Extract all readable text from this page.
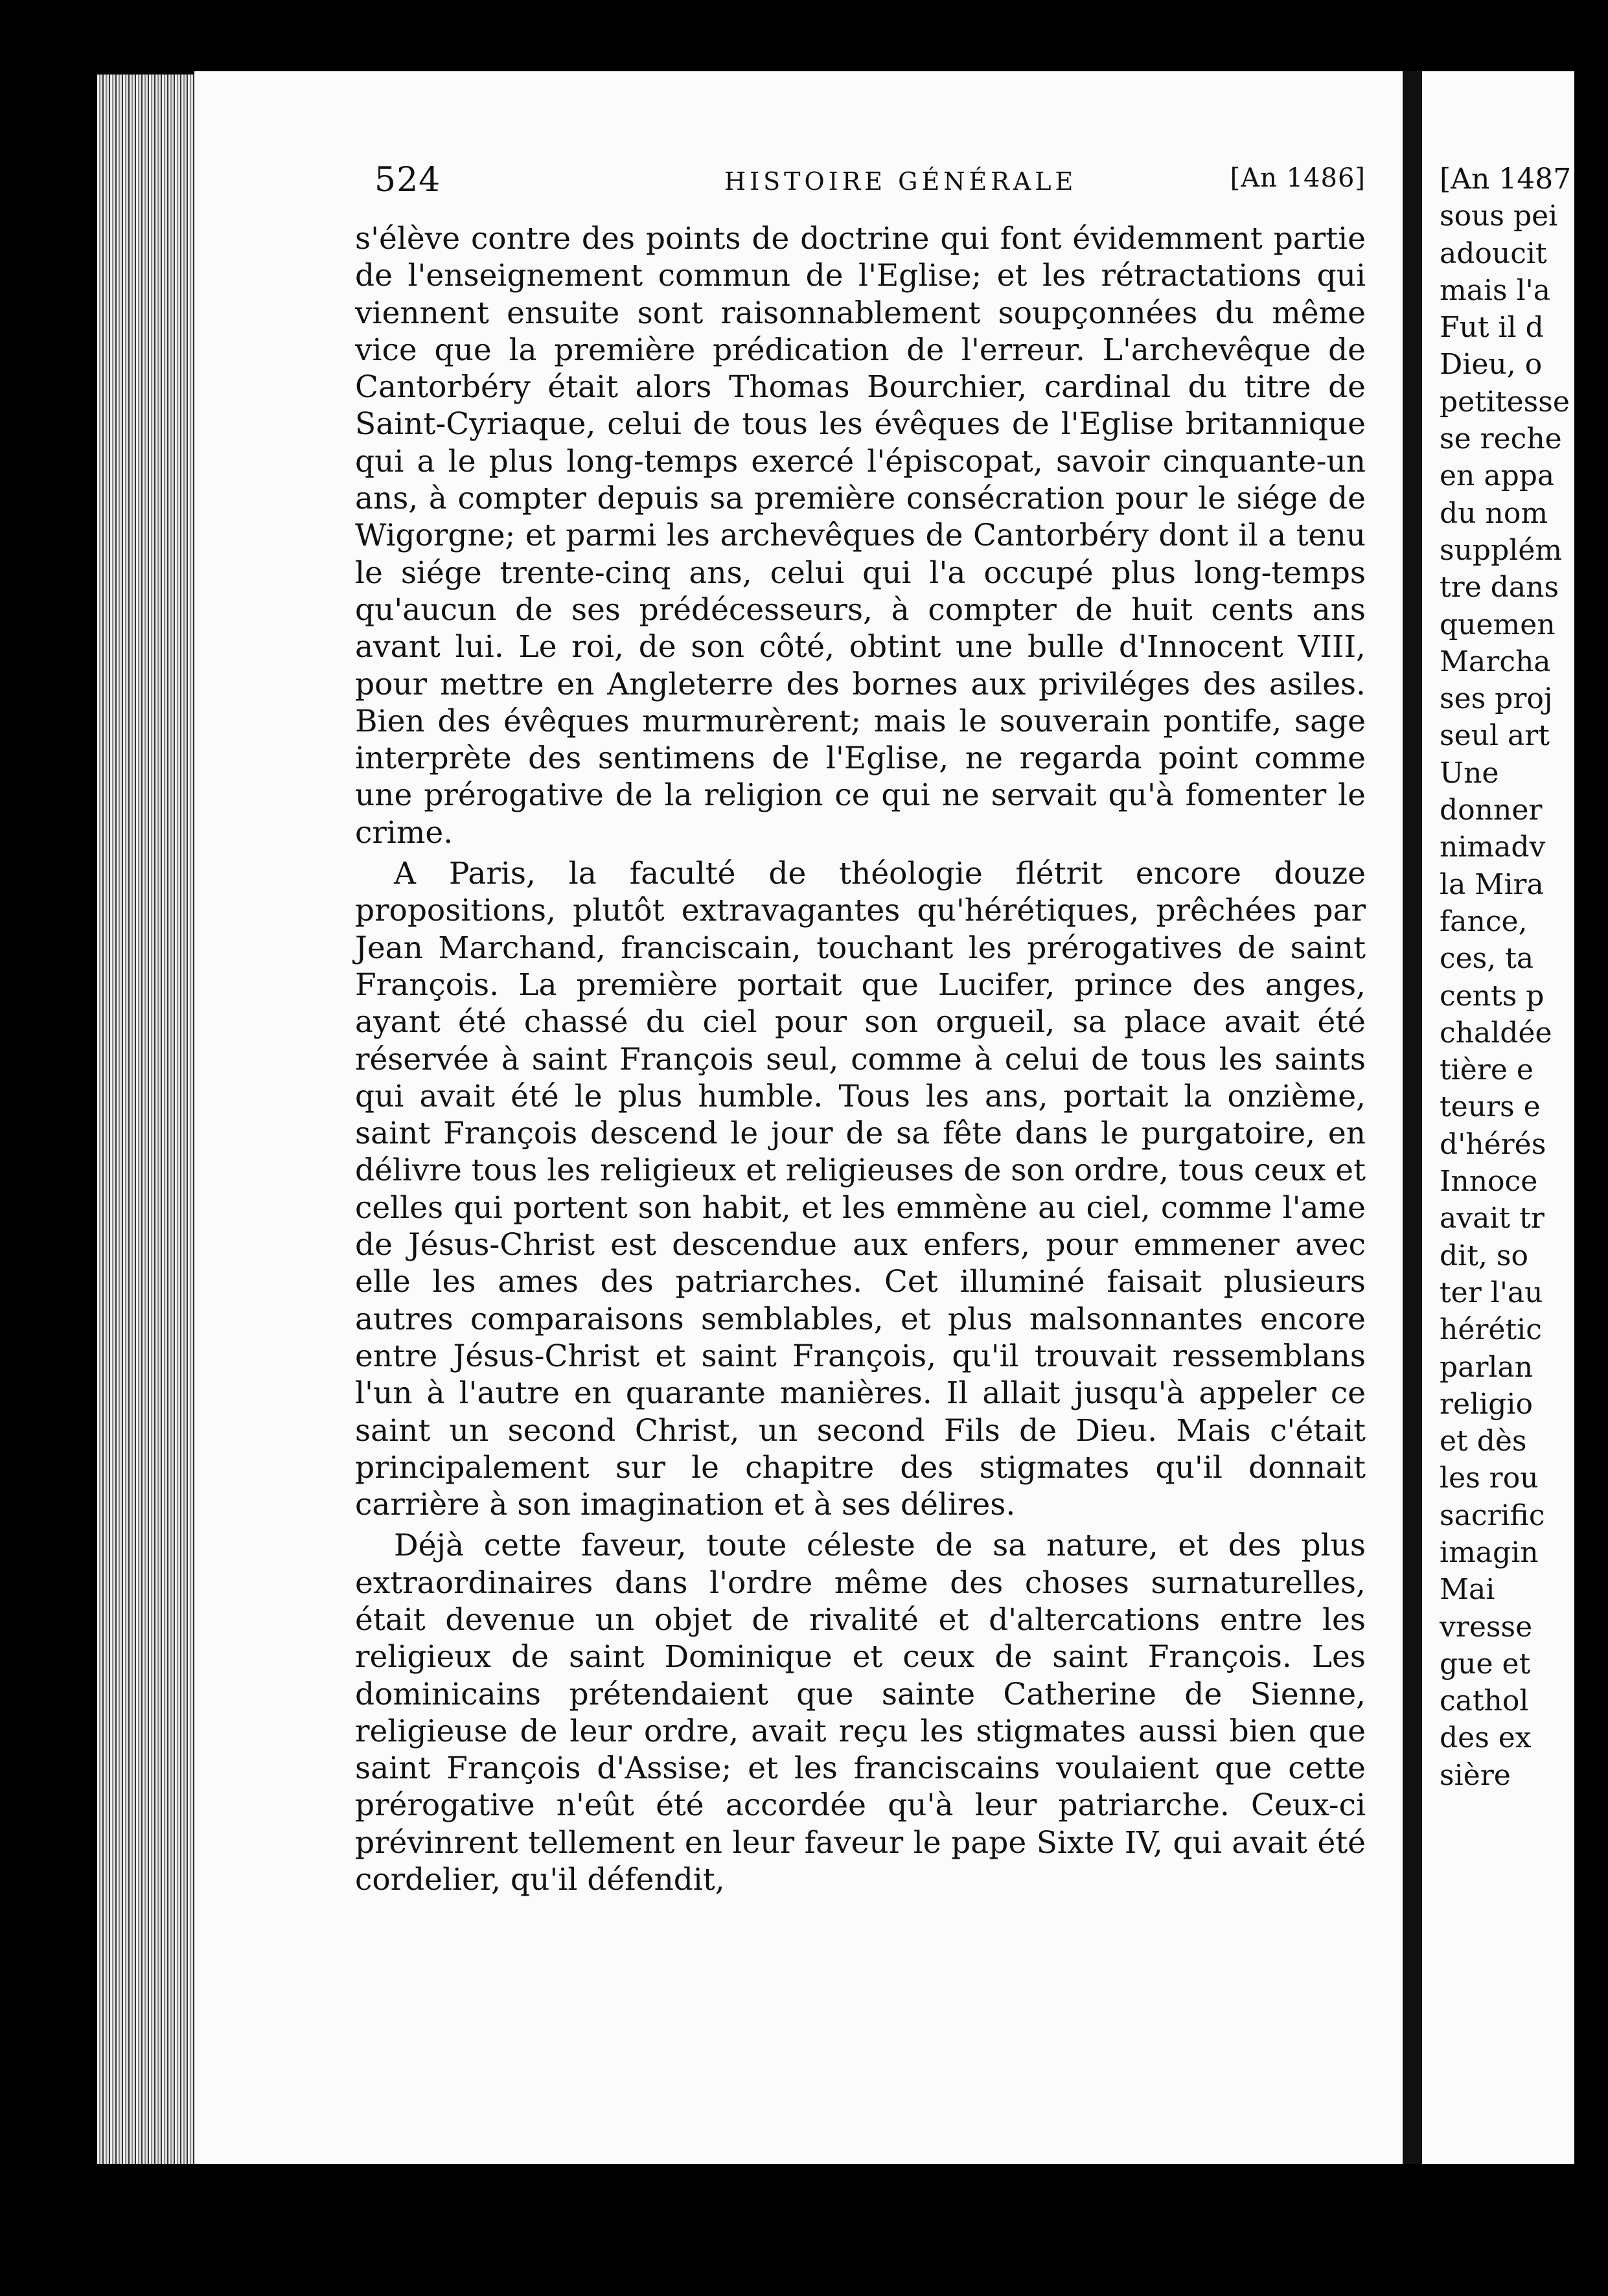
524	HISTOIRE GÉNÉRALE	[An 1486]

s'élève contre des points de doctrine qui font évidemment partie de l'enseignement commun de l'Eglise; et les rétractations qui viennent ensuite sont raisonnablement soupçonnées du même vice que la première prédication de l'erreur. L'archevêque de Cantorbéry était alors Thomas Bourchier, cardinal du titre de Saint-Cyriaque, celui de tous les évêques de l'Eglise britannique qui a le plus long-temps exercé l'épiscopat, savoir cinquante-un ans, à compter depuis sa première consécration pour le siége de Wigorgne; et parmi les archevêques de Cantorbéry dont il a tenu le siége trente-cinq ans, celui qui l'a occupé plus long-temps qu'aucun de ses prédécesseurs, à compter de huit cents ans avant lui. Le roi, de son côté, obtint une bulle d'Innocent VIII, pour mettre en Angleterre des bornes aux priviléges des asiles. Bien des évêques murmurèrent; mais le souverain pontife, sage interprète des sentimens de l'Eglise, ne regarda point comme une prérogative de la religion ce qui ne servait qu'à fomenter le crime.

A Paris, la faculté de théologie flétrit encore douze propositions, plutôt extravagantes qu'hérétiques, prêchées par Jean Marchand, franciscain, touchant les prérogatives de saint François. La première portait que Lucifer, prince des anges, ayant été chassé du ciel pour son orgueil, sa place avait été réservée à saint François seul, comme à celui de tous les saints qui avait été le plus humble. Tous les ans, portait la onzième, saint François descend le jour de sa fête dans le purgatoire, en délivre tous les religieux et religieuses de son ordre, tous ceux et celles qui portent son habit, et les emmène au ciel, comme l'ame de Jésus-Christ est descendue aux enfers, pour emmener avec elle les ames des patriarches. Cet illuminé faisait plusieurs autres comparaisons semblables, et plus malsonnantes encore entre Jésus-Christ et saint François, qu'il trouvait ressemblans l'un à l'autre en quarante manières. Il allait jusqu'à appeler ce saint un second Christ, un second Fils de Dieu. Mais c'était principalement sur le chapitre des stigmates qu'il donnait carrière à son imagination et à ses délires.

Déjà cette faveur, toute céleste de sa nature, et des plus extraordinaires dans l'ordre même des choses surnaturelles, était devenue un objet de rivalité et d'altercations entre les religieux de saint Dominique et ceux de saint François. Les dominicains prétendaient que sainte Catherine de Sienne, religieuse de leur ordre, avait reçu les stigmates aussi bien que saint François d'Assise; et les franciscains voulaient que cette prérogative n'eût été accordée qu'à leur patriarche. Ceux-ci prévinrent tellement en leur faveur le pape Sixte IV, qui avait été cordelier, qu'il défendit,

[An 1487
sous pei
adoucit
mais l'a
Fut il d
Dieu, o
petitesse
se reche
en appa
du nom
supplém
tre dans
quemen
Marcha
ses proj
seul art
Une
donner
nimadv
la Mira
fance,
ces, ta
cents p
chaldée
tière e
teurs e
d'hérés
Innoce
avait tr
dit, so
ter l'au
hérétic
parlan
religio
et dès
les rou
sacrific
imagin
Mai
vresse
gue et
cathol
des ex
sière
